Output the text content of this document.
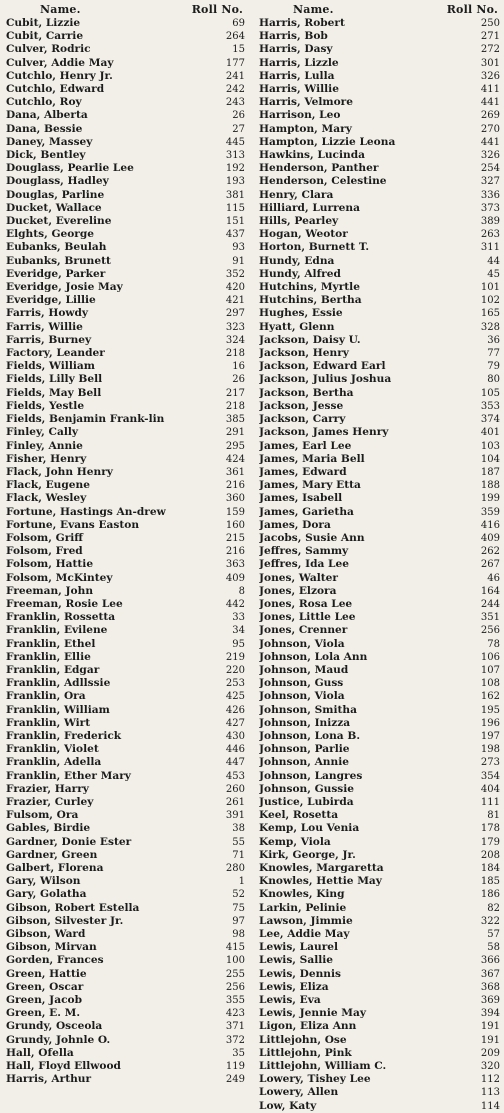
Name.	Roll No.
Cubit, Lizzie	69
Cubit, Carrie	264
Culver, Rodric	15
Culver, Addie May	177
Cutchlo, Henry Jr.	241
Cutchlo, Edward	242
Cutchlo, Roy	243
Dana, Alberta	26
Dana, Bessie	27
Daney, Massey	445
Dick, Bentley	313
Douglass, Pearlie Lee	192
Douglass, Hadley	193
Douglas, Parline	381
Ducket, Wallace	115
Ducket, Evereline	151
Elghts, George	437
Eubanks, Beulah	93
Eubanks, Brunett	91
Everidge, Parker	352
Everidge, Josie May	420
Everidge, Lillie	421
Farris, Howdy	297
Farris, Willie	323
Farris, Burney	324
Factory, Leander	218
Fields, William	16
Fields, Lilly Bell	26
Fields, May Bell	217
Fields, Yestle	218
Fields, Benjamin Frank-lin	385
Finley, Cally	291
Finley, Annie	295
Fisher, Henry	424
Flack, John Henry	361
Flack, Eugene	216
Flack, Wesley	360
Fortune, Hastings An-drew	159
Fortune, Evans Easton	160
Folsom, Griff	215
Folsom, Fred	216
Folsom, Hattie	363
Folsom, McKintey	409
Freeman, John	8
Freeman, Rosie Lee	442
Franklin, Rossetta	33
Franklin, Evilene	34
Franklin, Ethel	95
Franklin, Ellie	219
Franklin, Edgar	220
Franklin, Adllssie	253
Franklin, Ora	425
Franklin, William	426
Franklin, Wirt	427
Franklin, Frederick	430
Franklin, Violet	446
Franklin, Adella	447
Franklin, Ether Mary	453
Frazier, Harry	260
Frazier, Curley	261
Fulsom, Ora	391
Gables, Birdie	38
Gardner, Donie Ester	55
Gardner, Green	71
Galbert, Florena	280
Gary, Wilson	1
Gary, Golatha	52
Gibson, Robert Estella	75
Gibson, Silvester Jr.	97
Gibson, Ward	98
Gibson, Mirvan	415
Gorden, Frances	100
Green, Hattie	255
Green, Oscar	256
Green, Jacob	355
Green, E. M.	423
Grundy, Osceola	371
Grundy, Johnle O.	372
Hall, Ofella	35
Hall, Floyd Ellwood	119
Harris, Arthur	249
Name.	Roll No.
Harris, Robert	250
Harris, Bob	271
Harris, Dasy	272
Harris, Lizzle	301
Harris, Lulla	326
Harris, Willie	411
Harris, Velmore	441
Harrison, Leo	269
Hampton, Mary	270
Hampton, Lizzie Leona	441
Hawkins, Lucinda	326
Henderson, Panther	254
Henderson, Celestine	327
Henry, Clara	336
Hilliard, Lurrena	373
Hills, Pearley	389
Hogan, Weotor	263
Horton, Burnett T.	311
Hundy, Edna	44
Hundy, Alfred	45
Hutchins, Myrtle	101
Hutchins, Bertha	102
Hughes, Essie	165
Hyatt, Glenn	328
Jackson, Daisy U.	36
Jackson, Henry	77
Jackson, Edward Earl	79
Jackson, Julius Joshua	80
Jackson, Bertha	105
Jackson, Jesse	353
Jackson, Carry	374
Jackson, James Henry	401
James, Earl Lee	103
James, Maria Bell	104
James, Edward	187
James, Mary Etta	188
James, Isabell	199
James, Garietha	359
James, Dora	416
Jacobs, Susie Ann	409
Jeffres, Sammy	262
Jeffres, Ida Lee	267
Jones, Walter	46
Jones, Elzora	164
Jones, Rosa Lee	244
Jones, Little Lee	351
Jones, Crenner	256
Johnson, Viola	78
Johnson, Lola Ann	106
Johnson, Maud	107
Johnson, Guss	108
Johnson, Viola	162
Johnson, Smitha	195
Johnson, Inizza	196
Johnson, Lona B.	197
Johnson, Parlie	198
Johnson, Annie	273
Johnson, Langres	354
Johnson, Gussie	404
Justice, Lubirda	111
Keel, Rosetta	81
Kemp, Lou Venia	178
Kemp, Viola	179
Kirk, George, Jr.	208
Knowles, Margaretta	184
Knowles, Hettie May	185
Knowles, King	186
Larkin, Pelinie	82
Lawson, Jimmie	322
Lee, Addie May	57
Lewis, Laurel	58
Lewis, Sallie	366
Lewis, Dennis	367
Lewis, Eliza	368
Lewis, Eva	369
Lewis, Jennie May	394
Ligon, Eliza Ann	191
Littlejohn, Ose	191
Littlejohn, Pink	209
Littlejohn, William C.	320
Lowery, Tishey Lee	112
Lowery, Allen	113
Low, Katy	114
